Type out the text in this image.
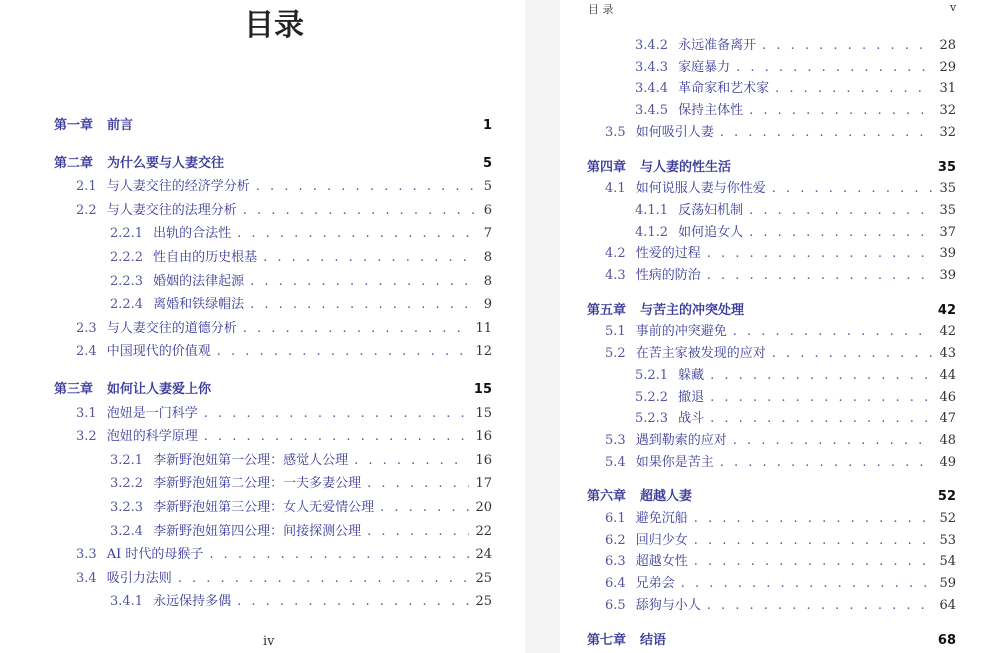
目录
第一章 前言	1
第二章 为什么要与人妻交往	5
2.1 与人妻交往的经济学分析 . . .	5
2.2 与人妻交往的法理分析 . . .	6
2.2.1 出轨的合法性 . . .	7
2.2.2 性自由的历史根基 . . .	8
2.2.3 婚姻的法律起源 . . .	8
2.2.4 离婚和铁绿帽法 . . .	9
2.3 与人妻交往的道德分析 . . .	11
2.4 中国现代的价值观 . . .	12
第三章 如何让人妻爱上你	15
3.1 泡妞是一门科学 . . .	15
3.2 泡妞的科学原理 . . .	16
3.2.1 李新野泡妞第一公理：感觉人公理 . . .	16
3.2.2 李新野泡妞第二公理：一夫多妻公理 . . .	17
3.2.3 李新野泡妞第三公理：女人无爱情公理 . . .	20
3.2.4 李新野泡妞第四公理：间接探测公理 . . .	22
3.3 AI 时代的母猴子 . . .	24
3.4 吸引力法则 . . .	25
3.4.1 永远保持多偶 . . .	25
iv
目 录	v
3.4.2 永远准备离开 . . .	28
3.4.3 家庭暴力 . . .	29
3.4.4 革命家和艺术家 . . .	31
3.4.5 保持主体性 . . .	32
3.5 如何吸引人妻 . . .	32
第四章 与人妻的性生活	35
4.1 如何说服人妻与你性爱 . . .	35
4.1.1 反荡妇机制 . . .	35
4.1.2 如何追女人 . . .	37
4.2 性爱的过程 . . .	39
4.3 性病的防治 . . .	39
第五章 与苦主的冲突处理	42
5.1 事前的冲突避免 . . .	42
5.2 在苦主家被发现的应对 . . .	43
5.2.1 躲藏 . . .	44
5.2.2 撤退 . . .	46
5.2.3 战斗 . . .	47
5.3 遇到勒索的应对 . . .	48
5.4 如果你是苦主 . . .	49
第六章 超越人妻	52
6.1 避免沉船 . . .	52
6.2 回归少女 . . .	53
6.3 超越女性 . . .	54
6.4 兄弟会 . . .	59
6.5 舔狗与小人 . . .	64
第七章 结语	68
